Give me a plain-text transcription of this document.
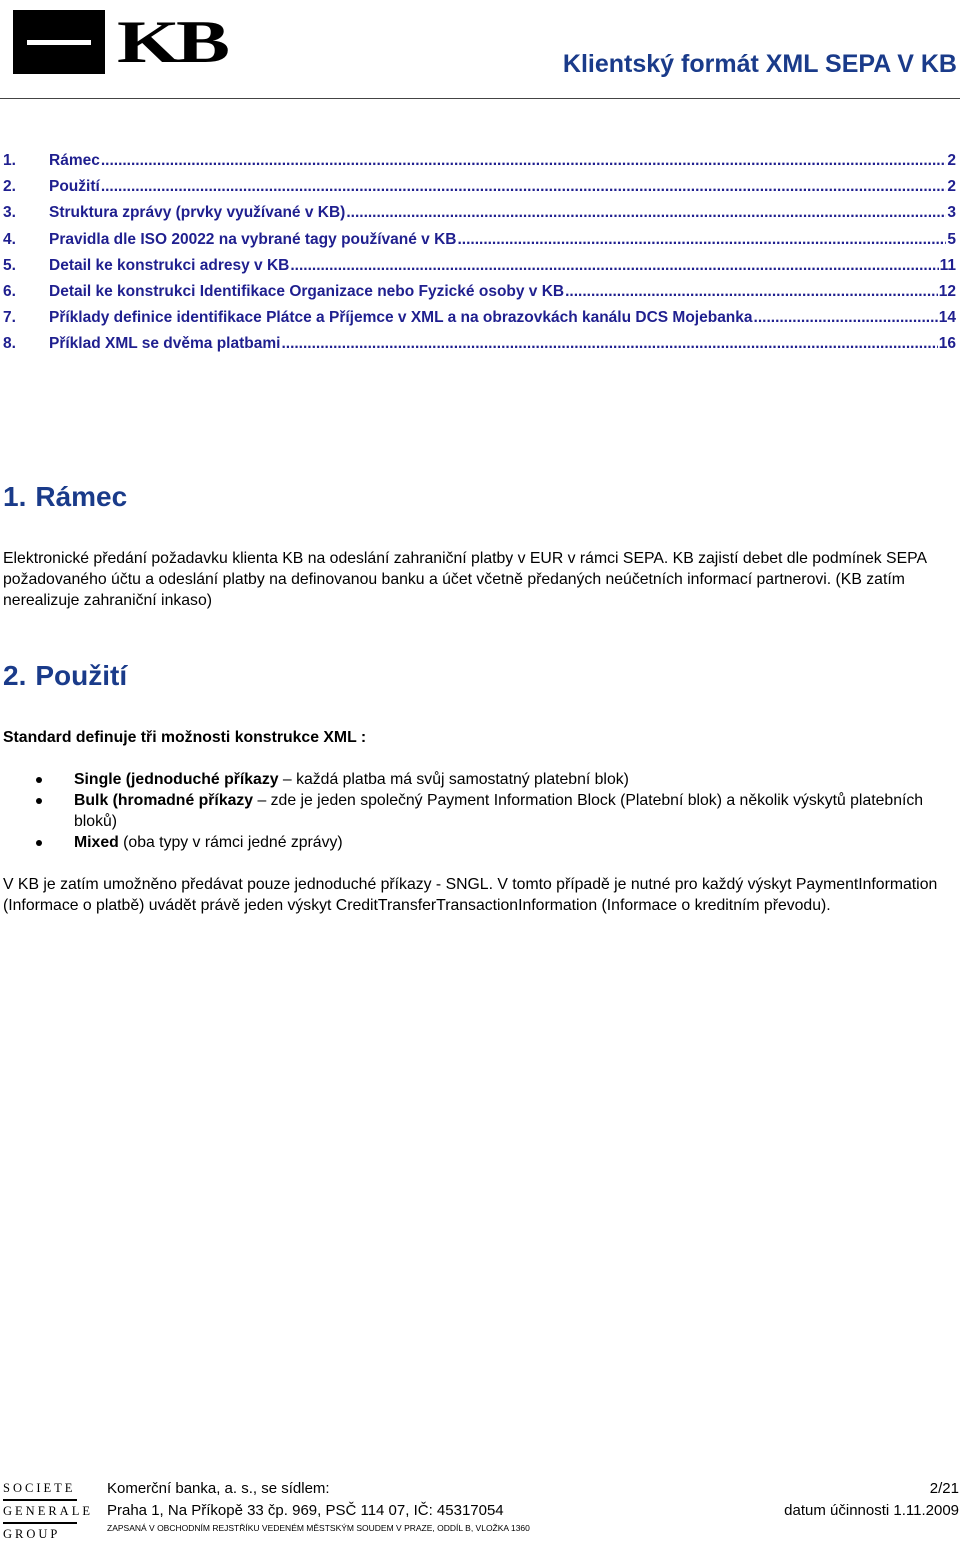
KB	Klientský formát XML SEPA V KB
1.	Rámec .....	2
2.	Použití .....	2
3.	Struktura zprávy (prvky využívané v KB) .....	3
4.	Pravidla dle ISO 20022 na vybrané tagy používané v KB .....	5
5.	Detail ke konstrukci adresy v KB .....	11
6.	Detail ke konstrukci Identifikace Organizace nebo Fyzické osoby v KB .....	12
7.	Příklady definice identifikace Plátce a Příjemce v XML a na obrazovkách kanálu DCS Mojebanka .....	14
8.	Příklad XML se dvěma platbami .....	16
1. Rámec
Elektronické předání požadavku klienta KB na odeslání zahraniční platby v EUR v rámci SEPA. KB zajistí debet dle podmínek SEPA požadovaného účtu a odeslání platby na definovanou banku a účet včetně předaných neúčetních informací partnerovi. (KB zatím nerealizuje zahraniční inkaso)
2. Použití
Standard definuje tři možnosti konstrukce XML :
Single (jednoduché příkazy – každá platba má svůj samostatný platební blok)
Bulk (hromadné příkazy – zde je jeden společný Payment Information Block (Platební blok) a několik výskytů platebních bloků)
Mixed (oba typy v rámci jedné zprávy)
V KB je zatím umožněno předávat pouze jednoduché příkazy - SNGL. V tomto případě je nutné pro každý výskyt PaymentInformation (Informace o platbě) uvádět právě jeden výskyt CreditTransferTransactionInformation (Informace o kreditním převodu).
SOCIETE
GENERALE
GROUP
Komerční banka, a. s., se sídlem:	2/21
Praha 1, Na Příkopě 33 čp. 969, PSČ 114 07, IČ: 45317054	datum účinnosti 1.11.2009
ZAPSANÁ V OBCHODNÍM REJSTŘÍKU VEDENÉM MĚSTSKÝM SOUDEM V PRAZE, ODDÍL B, VLOŽKA 1360
